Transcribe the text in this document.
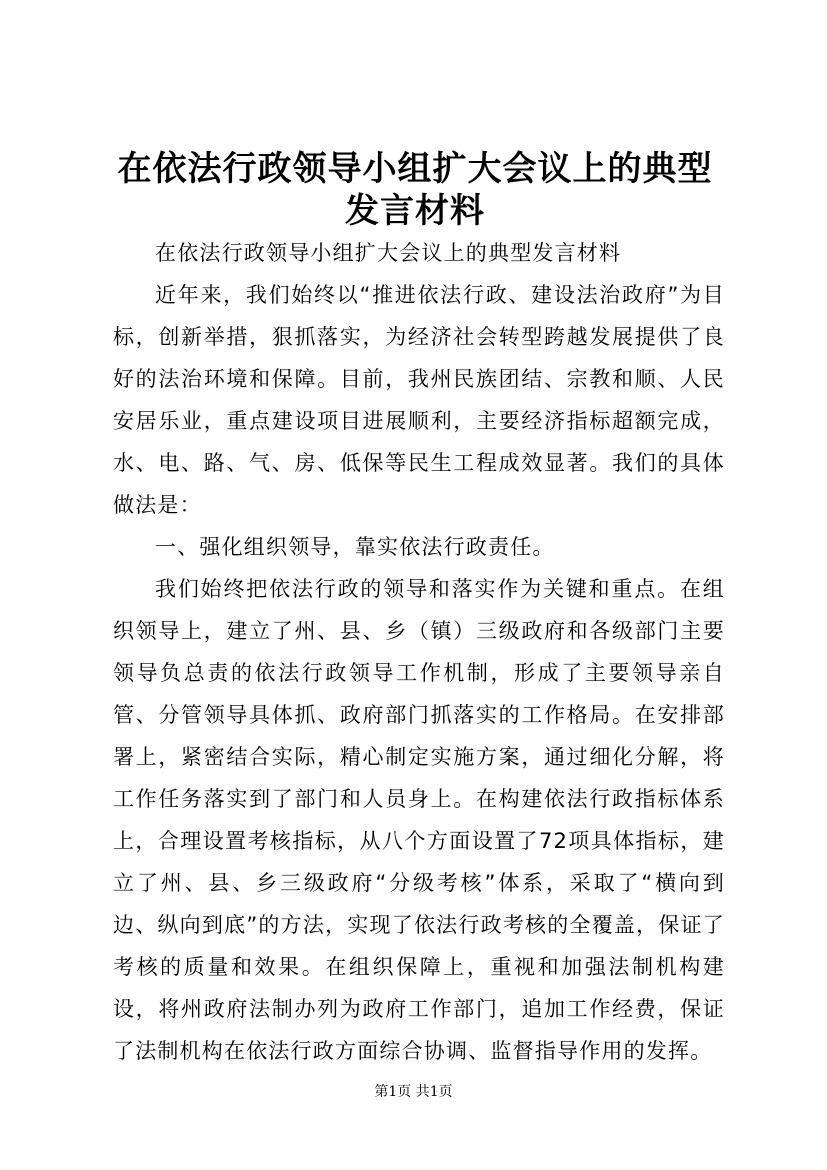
在依法行政领导小组扩大会议上的典型发言材料

在依法行政领导小组扩大会议上的典型发言材料

近年来，我们始终以“推进依法行政、建设法治政府”为目标，创新举措，狠抓落实，为经济社会转型跨越发展提供了良好的法治环境和保障。目前，我州民族团结、宗教和顺、人民安居乐业，重点建设项目进展顺利，主要经济指标超额完成，水、电、路、气、房、低保等民生工程成效显著。我们的具体做法是：

一、强化组织领导，靠实依法行政责任。

我们始终把依法行政的领导和落实作为关键和重点。在组织领导上，建立了州、县、乡（镇）三级政府和各级部门主要领导负总责的依法行政领导工作机制，形成了主要领导亲自管、分管领导具体抓、政府部门抓落实的工作格局。在安排部署上，紧密结合实际，精心制定实施方案，通过细化分解，将工作任务落实到了部门和人员身上。在构建依法行政指标体系上，合理设置考核指标，从八个方面设置了72项具体指标，建立了州、县、乡三级政府“分级考核”体系，采取了“横向到边、纵向到底”的方法，实现了依法行政考核的全覆盖，保证了考核的质量和效果。在组织保障上，重视和加强法制机构建设，将州政府法制办列为政府工作部门，追加工作经费，保证了法制机构在依法行政方面综合协调、监督指导作用的发挥。

第1页 共1页
